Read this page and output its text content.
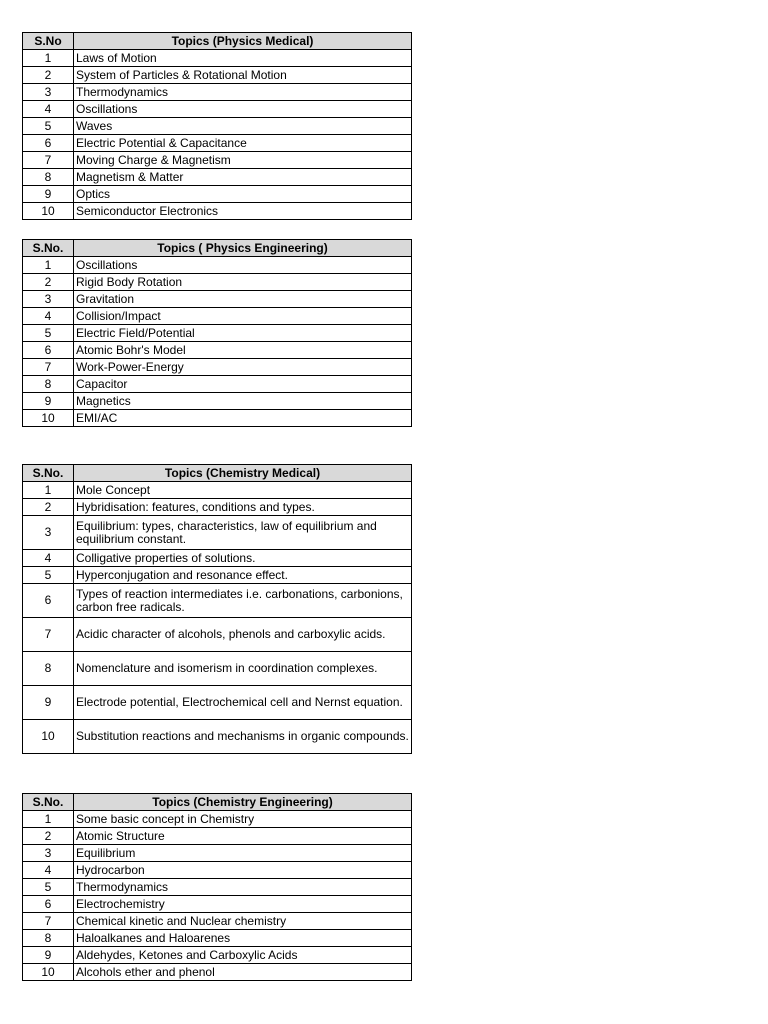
S.No	Topics (Physics Medical)
1	Laws of Motion
2	System of Particles & Rotational Motion
3	Thermodynamics
4	Oscillations
5	Waves
6	Electric Potential & Capacitance
7	Moving Charge & Magnetism
8	Magnetism & Matter
9	Optics
10	Semiconductor Electronics
S.No.	Topics ( Physics Engineering)
1	Oscillations
2	Rigid Body Rotation
3	Gravitation
4	Collision/Impact
5	Electric Field/Potential
6	Atomic Bohr's Model
7	Work-Power-Energy
8	Capacitor
9	Magnetics
10	EMI/AC
S.No.	Topics (Chemistry Medical)
1	Mole Concept
2	Hybridisation: features, conditions and types.
3	Equilibrium: types, characteristics, law of equilibrium and equilibrium constant.
4	Colligative properties of solutions.
5	Hyperconjugation and resonance effect.
6	Types of reaction intermediates i.e. carbonations, carbonions, carbon free radicals.
7	Acidic character of alcohols, phenols and carboxylic acids.
8	Nomenclature and isomerism in coordination complexes.
9	Electrode potential, Electrochemical cell and Nernst equation.
10	Substitution reactions and mechanisms in organic compounds.
S.No.	Topics (Chemistry Engineering)
1	Some basic concept in Chemistry
2	Atomic Structure
3	Equilibrium
4	Hydrocarbon
5	Thermodynamics
6	Electrochemistry
7	Chemical kinetic and Nuclear chemistry
8	Haloalkanes and Haloarenes
9	Aldehydes, Ketones and Carboxylic Acids
10	Alcohols ether and phenol
